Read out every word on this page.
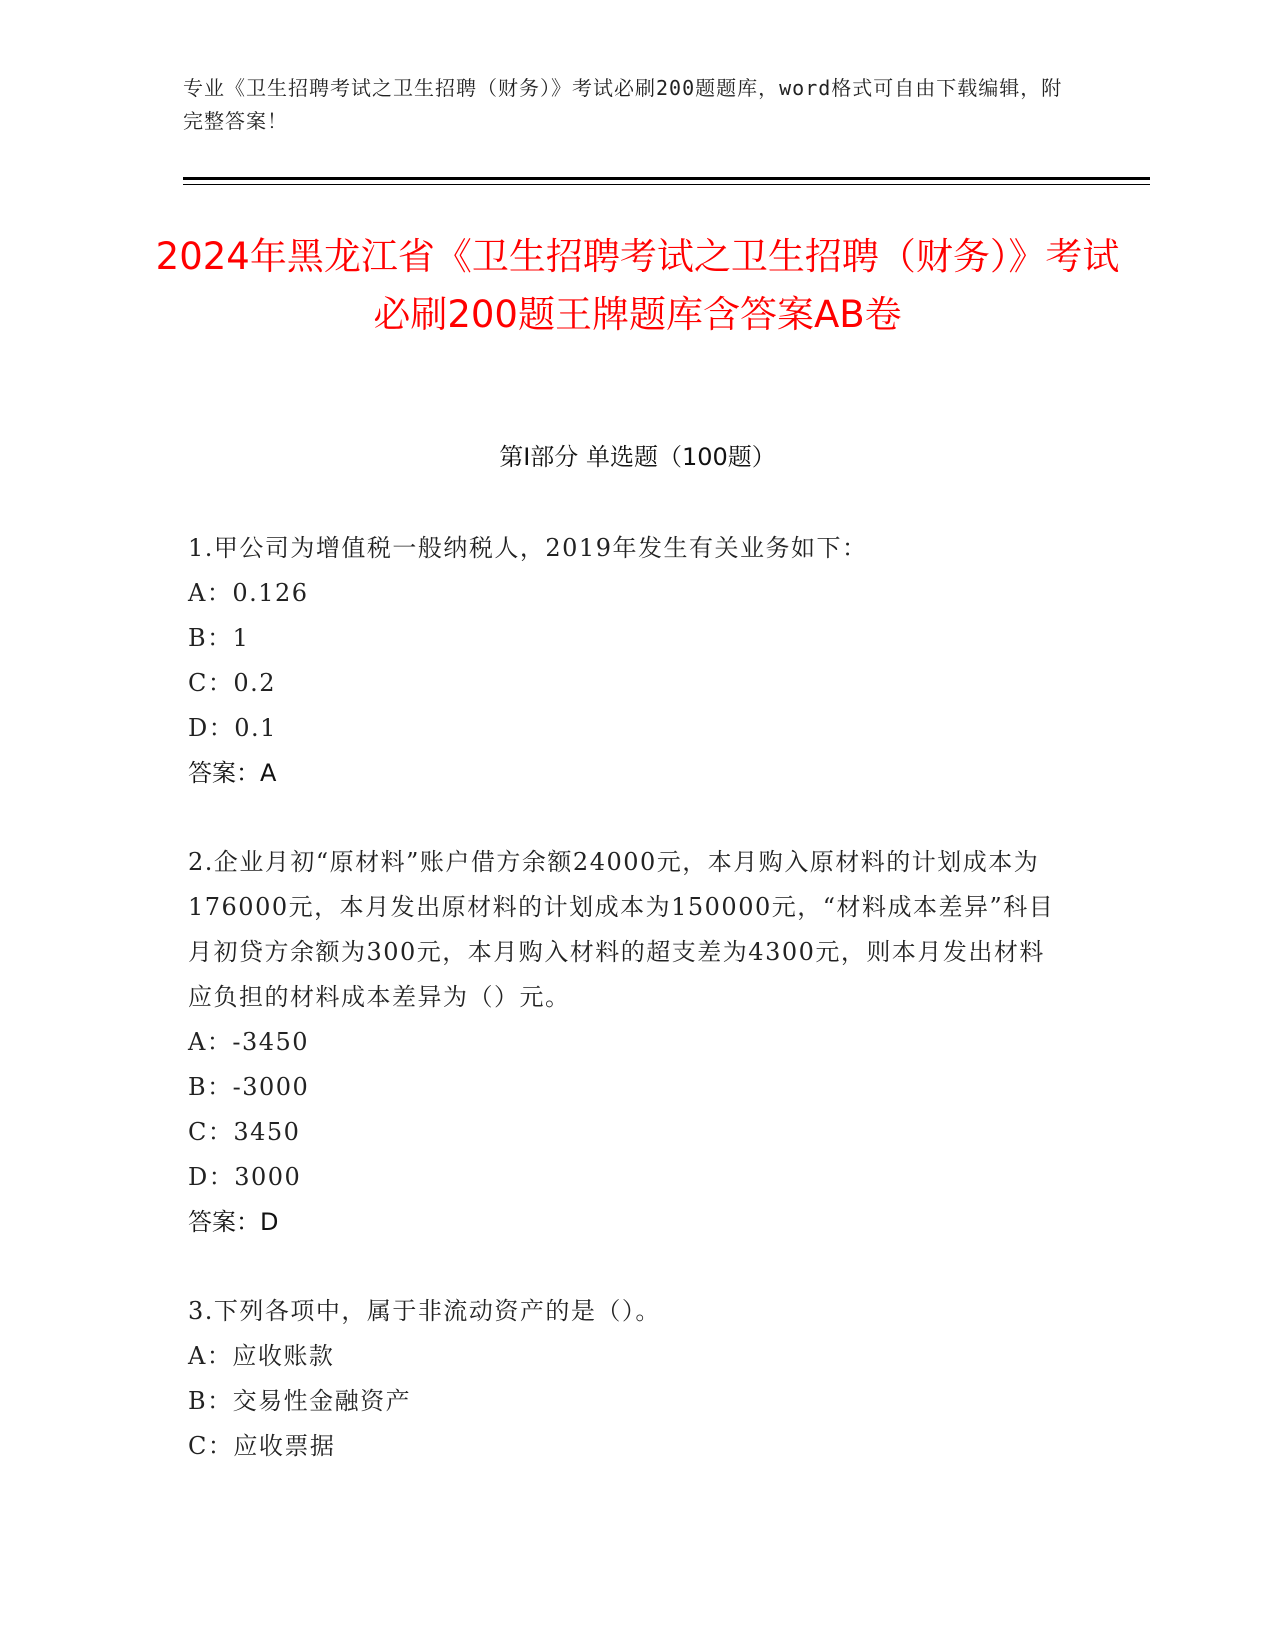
专业《卫生招聘考试之卫生招聘（财务）》考试必刷200题题库，word格式可自由下载编辑，附完整答案！
2024年黑龙江省《卫生招聘考试之卫生招聘（财务）》考试必刷200题王牌题库含答案AB卷
第Ⅰ部分 单选题（100题）

1.甲公司为增值税一般纳税人，2019年发生有关业务如下：

A：0.126

B：1

C：0.2

D：0.1

答案：A

2.企业月初“原材料”账户借方余额24000元，本月购入原材料的计划成本为176000元，本月发出原材料的计划成本为150000元，“材料成本差异”科目月初贷方余额为300元，本月购入材料的超支差为4300元，则本月发出材料应负担的材料成本差异为（）元。

A：-3450

B：-3000

C：3450

D：3000

答案：D

3.下列各项中，属于非流动资产的是（）。

A：应收账款

B：交易性金融资产

C：应收票据
